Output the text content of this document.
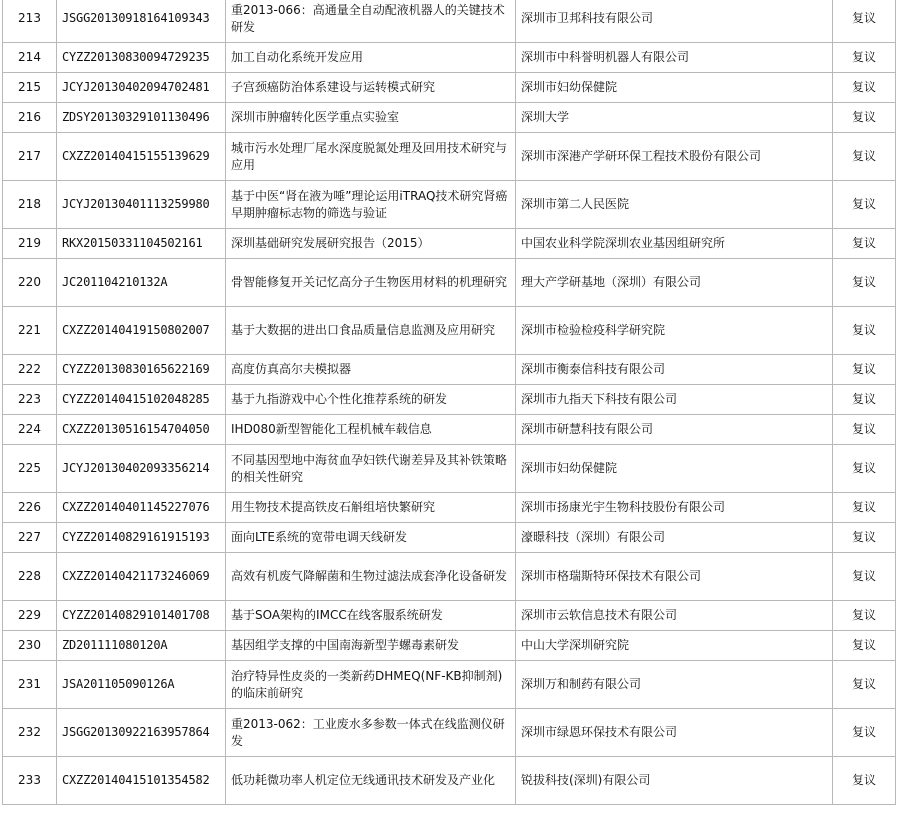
213	JSGG20130918164109343	重2013-066：高通量全自动配液机器人的关键技术研发	深圳市卫邦科技有限公司	复议
214	CYZZ20130830094729235	加工自动化系统开发应用	深圳市中科誉明机器人有限公司	复议
215	JCYJ20130402094702481	子宫颈癌防治体系建设与运转模式研究	深圳市妇幼保健院	复议
216	ZDSY20130329101130496	深圳市肿瘤转化医学重点实验室	深圳大学	复议
217	CXZZ20140415155139629	城市污水处理厂尾水深度脱氮处理及回用技术研究与应用	深圳市深港产学研环保工程技术股份有限公司	复议
218	JCYJ20130401113259980	基于中医“肾在液为唾”理论运用iTRAQ技术研究肾癌早期肿瘤标志物的筛选与验证	深圳市第二人民医院	复议
219	RKX20150331104502161	深圳基础研究发展研究报告（2015）	中国农业科学院深圳农业基因组研究所	复议
220	JC201104210132A	骨智能修复开关记忆高分子生物医用材料的机理研究	理大产学研基地（深圳）有限公司	复议
221	CXZZ20140419150802007	基于大数据的进出口食品质量信息监测及应用研究	深圳市检验检疫科学研究院	复议
222	CYZZ20130830165622169	高度仿真高尔夫模拟器	深圳市衡泰信科技有限公司	复议
223	CYZZ20140415102048285	基于九指游戏中心个性化推荐系统的研发	深圳市九指天下科技有限公司	复议
224	CXZZ20130516154704050	IHD080新型智能化工程机械车载信息	深圳市研慧科技有限公司	复议
225	JCYJ20130402093356214	不同基因型地中海贫血孕妇铁代谢差异及其补铁策略的相关性研究	深圳市妇幼保健院	复议
226	CXZZ20140401145227076	用生物技术提高铁皮石斛组培快繁研究	深圳市扬康光宇生物科技股份有限公司	复议
227	CYZZ20140829161915193	面向LTE系统的宽带电调天线研发	濠暻科技（深圳）有限公司	复议
228	CXZZ20140421173246069	高效有机废气降解菌和生物过滤法成套净化设备研发	深圳市格瑞斯特环保技术有限公司	复议
229	CYZZ20140829101401708	基于SOA架构的IMCC在线客服系统研发	深圳市云软信息技术有限公司	复议
230	ZD201111080120A	基因组学支撑的中国南海新型芋螺毒素研发	中山大学深圳研究院	复议
231	JSA201105090126A	治疗特异性皮炎的一类新药DHMEQ(NF-KB抑制剂)的临床前研究	深圳万和制药有限公司	复议
232	JSGG20130922163957864	重2013-062：工业废水多参数一体式在线监测仪研发	深圳市绿恩环保技术有限公司	复议
233	CXZZ20140415101354582	低功耗微功率人机定位无线通讯技术研发及产业化	锐拔科技(深圳)有限公司	复议
